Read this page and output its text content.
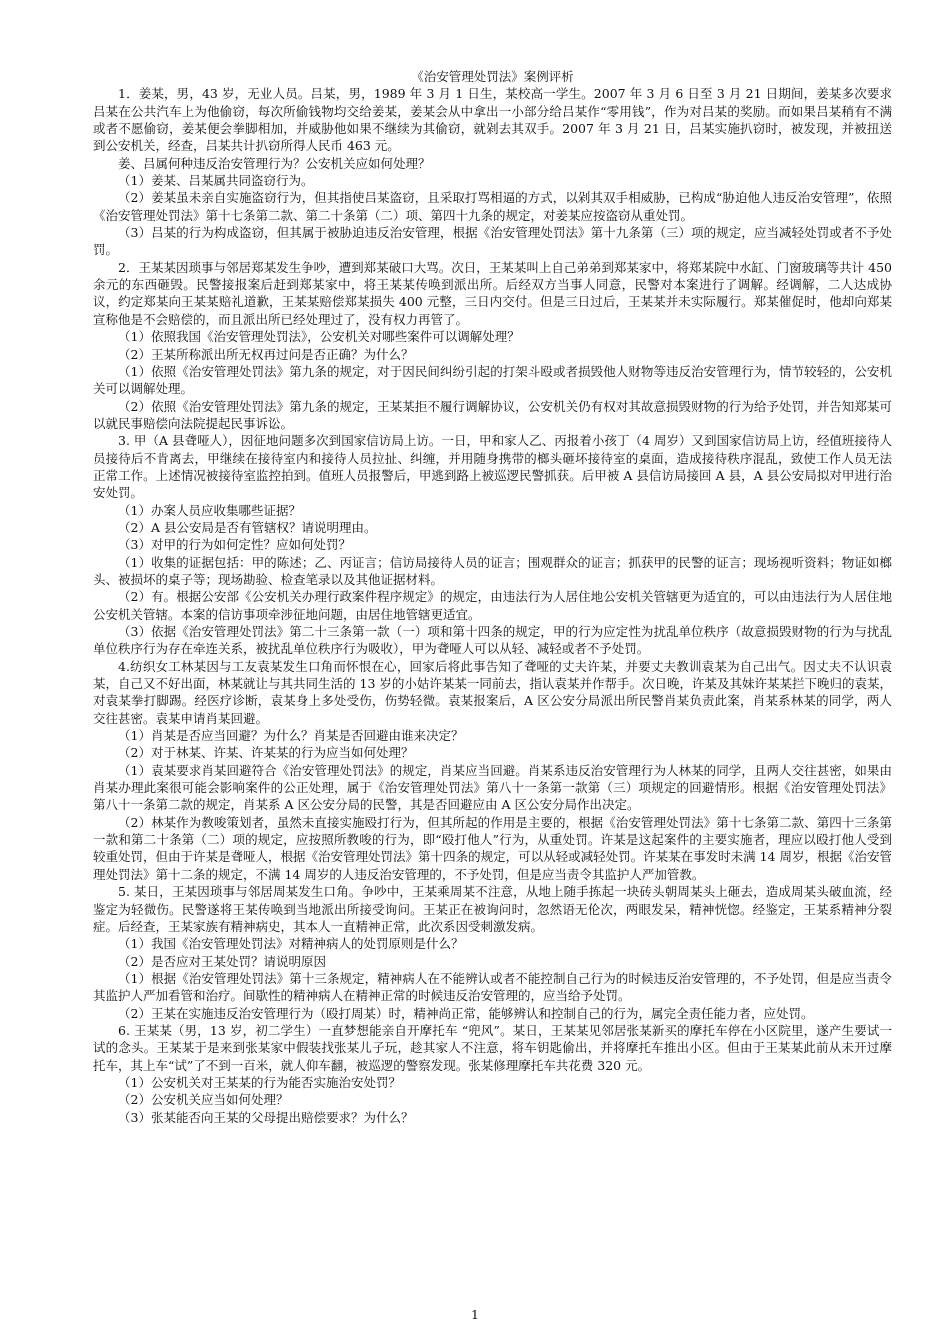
《治安管理处罚法》案例评析

1．姜某，男，43 岁，无业人员。吕某，男，1989 年 3 月 1 日生，某校高一学生。2007 年 3 月 6 日至 3 月 21 日期间，姜某多次要求吕某在公共汽车上为他偷窃，每次所偷钱物均交给姜某，姜某会从中拿出一小部分给吕某作“零用钱”，作为对吕某的奖励。而如果吕某稍有不满或者不愿偷窃，姜某便会拳脚相加，并威胁他如果不继续为其偷窃，就剁去其双手。2007 年 3 月 21 日，吕某实施扒窃时，被发现，并被扭送到公安机关，经查，吕某共计扒窃所得人民币 463 元。

姜、吕属何种违反治安管理行为？公安机关应如何处理？

（1）姜某、吕某属共同盗窃行为。

（2）姜某虽未亲自实施盗窃行为，但其指使吕某盗窃，且采取打骂相逼的方式，以剁其双手相威胁，已构成“胁迫他人违反治安管理”，依照《治安管理处罚法》第十七条第二款、第二十条第（二）项、第四十九条的规定，对姜某应按盗窃从重处罚。

（3）吕某的行为构成盗窃，但其属于被胁迫违反治安管理，根据《治安管理处罚法》第十九条第（三）项的规定，应当减轻处罚或者不予处罚。

2．王某某因琐事与邻居郑某发生争吵，遭到郑某破口大骂。次日，王某某叫上自己弟弟到郑某家中，将郑某院中水缸、门窗玻璃等共计 450 余元的东西砸毁。民警接报案后赶到郑某家中，将王某某传唤到派出所。后经双方当事人同意，民警对本案进行了调解。经调解，二人达成协议，约定郑某向王某某赔礼道歉，王某某赔偿郑某损失 400 元整，三日内交付。但是三日过后，王某某并未实际履行。郑某催促时，他却向郑某宣称他是不会赔偿的，而且派出所已经处理过了，没有权力再管了。

（1）依照我国《治安管理处罚法》，公安机关对哪些案件可以调解处理？

（2）王某所称派出所无权再过问是否正确？为什么？

（1）依照《治安管理处罚法》第九条的规定，对于因民间纠纷引起的打架斗殴或者损毁他人财物等违反治安管理行为，情节较轻的，公安机关可以调解处理。

（2）依照《治安管理处罚法》第九条的规定，王某某拒不履行调解协议，公安机关仍有权对其故意损毁财物的行为给予处罚，并告知郑某可以就民事赔偿向法院提起民事诉讼。

3. 甲（A 县聋哑人），因征地问题多次到国家信访局上访。一日，甲和家人乙、丙报着小孩丁（4 周岁）又到国家信访局上访，经值班接待人员接待后不肯离去，甲继续在接待室内和接待人员拉扯、纠缠，并用随身携带的榔头砸坏接待室的桌面，造成接待秩序混乱，致使工作人员无法正常工作。上述情况被接待室监控拍到。值班人员报警后，甲逃到路上被巡逻民警抓获。后甲被 A 县信访局接回 A 县，A 县公安局拟对甲进行治安处罚。

（1）办案人员应收集哪些证据？

（2）A 县公安局是否有管辖权？请说明理由。

（3）对甲的行为如何定性？应如何处罚？

（1）收集的证据包括：甲的陈述；乙、丙证言；信访局接待人员的证言；围观群众的证言；抓获甲的民警的证言；现场视听资料；物证如榔头、被损坏的桌子等；现场勘验、检查笔录以及其他证据材料。

（2）有。根据公安部《公安机关办理行政案件程序规定》的规定，由违法行为人居住地公安机关管辖更为适宜的，可以由违法行为人居住地公安机关管辖。本案的信访事项牵涉征地问题，由居住地管辖更适宜。

（3）依据《治安管理处罚法》第二十三条第一款（一）项和第十四条的规定，甲的行为应定性为扰乱单位秩序（故意损毁财物的行为与扰乱单位秩序行为存在牵连关系，被扰乱单位秩序行为吸收），甲为聋哑人可以从轻、减轻或者不予处罚。

4.纺织女工林某因与工友袁某发生口角而怀恨在心，回家后将此事告知了聋哑的丈夫许某，并要丈夫教训袁某为自己出气。因丈夫不认识袁某，自己又不好出面，林某就让与其共同生活的 13 岁的小姑许某某一同前去，指认袁某并作帮手。次日晚，许某及其妹许某某拦下晚归的袁某，对袁某拳打脚踢。经医疗诊断，袁某身上多处受伤，伤势轻微。袁某报案后，A 区公安分局派出所民警肖某负责此案，肖某系林某的同学，两人交往甚密。袁某申请肖某回避。

（1）肖某是否应当回避？为什么？肖某是否回避由谁来决定？

（2）对于林某、许某、许某某的行为应当如何处理？

（1）袁某要求肖某回避符合《治安管理处罚法》的规定，肖某应当回避。肖某系违反治安管理行为人林某的同学，且两人交往甚密，如果由肖某办理此案很可能会影响案件的公正处理，属于《治安管理处罚法》第八十一条第一款第（三）项规定的回避情形。根据《治安管理处罚法》第八十一条第二款的规定，肖某系 A 区公安分局的民警，其是否回避应由 A 区公安分局作出决定。

（2）林某作为教唆策划者，虽然未直接实施殴打行为，但其所起的作用是主要的，根据《治安管理处罚法》第十七条第二款、第四十三条第一款和第二十条第（二）项的规定，应按照所教唆的行为，即“殴打他人”行为，从重处罚。许某是这起案件的主要实施者，理应以殴打他人受到较重处罚，但由于许某是聋哑人，根据《治安管理处罚法》第十四条的规定，可以从轻或减轻处罚。许某某在事发时未满 14 周岁，根据《治安管理处罚法》第十二条的规定，不满 14 周岁的人违反治安管理的，不予处罚，但是应当责令其监护人严加管教。

5. 某日，王某因琐事与邻居周某发生口角。争吵中，王某乘周某不注意，从地上随手拣起一块砖头朝周某头上砸去，造成周某头破血流，经鉴定为轻微伤。民警遂将王某传唤到当地派出所接受询问。王某正在被询问时，忽然语无伦次，两眼发呆，精神恍惚。经鉴定，王某系精神分裂症。后经查，王某家族有精神病史，其本人一直精神正常，此次系因受刺激发病。

（1）我国《治安管理处罚法》对精神病人的处罚原则是什么？

（2）是否应对王某处罚？请说明原因

（1）根据《治安管理处罚法》第十三条规定，精神病人在不能辨认或者不能控制自己行为的时候违反治安管理的，不予处罚，但是应当责令其监护人严加看管和治疗。间歇性的精神病人在精神正常的时候违反治安管理的，应当给予处罚。

（2）王某在实施违反治安管理行为（殴打周某）时，精神尚正常，能够辨认和控制自己的行为，属完全责任能力者，应处罚。

6. 王某某（男，13 岁，初二学生）一直梦想能亲自开摩托车 “兜风”。某日，王某某见邻居张某新买的摩托车停在小区院里，遂产生要试一试的念头。王某某于是来到张某家中假装找张某儿子玩，趁其家人不注意，将车钥匙偷出，并将摩托车推出小区。但由于王某某此前从未开过摩托车，其上车“试”了不到一百米，就人仰车翻，被巡逻的警察发现。张某修理摩托车共花费 320 元。

（1）公安机关对王某某的行为能否实施治安处罚？

（2）公安机关应当如何处理？

（3）张某能否向王某的父母提出赔偿要求？为什么？

1
